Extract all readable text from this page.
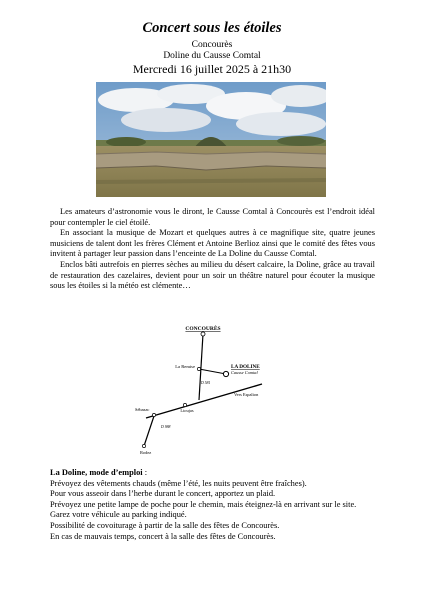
Concert sous les étoiles
Concourès
Doline du Causse Comtal
Mercredi 16 juillet 2025 à 21h30

Les amateurs d’astronomie vous le diront, le Causse Comtal à Concourès est l’endroit idéal pour contempler le ciel étoilé.

En associant la musique de Mozart et quelques autres à ce magnifique site, quatre jeunes musiciens de talent dont les frères Clément et Antoine Berlioz ainsi que le comité des fêtes vous invitent à partager leur passion dans l’enceinte de La Doline du Causse Comtal.

Enclos bâti autrefois en pierres sèches au milieu du désert calcaire, la Doline, grâce au travail de restauration des cazelaires, devient pour un soir un théâtre naturel pour écouter la musique sous les étoiles si la météo est clémente…

CONCOURÈS
La Remise	LA DOLINE
Causse Comtal
D 581
Lioujas
Vers Espalion
Sébazac
D 988
Rodez

La Doline, mode d’emploi :

Prévoyez des vêtements chauds (même l’été, les nuits peuvent être fraîches).

Pour vous asseoir dans l’herbe durant le concert, apportez un plaid.

Prévoyez une petite lampe de poche pour le chemin, mais éteignez-là en arrivant sur le site.

Garez votre véhicule au parking indiqué.

Possibilité de covoiturage à partir de la salle des fêtes de Concourès.

En cas de mauvais temps, concert à la salle des fêtes de Concourès.
